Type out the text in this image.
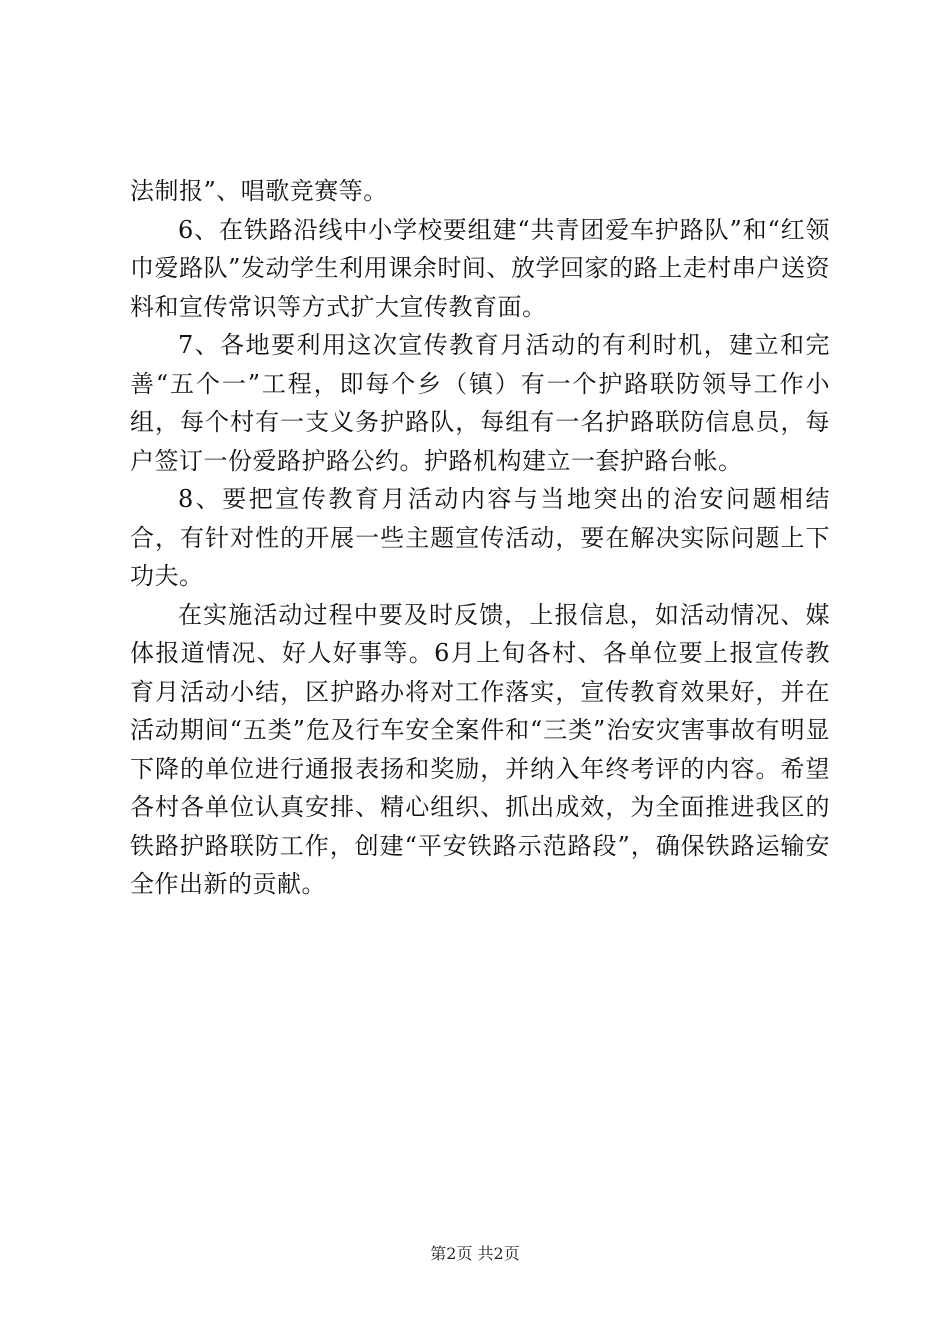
法制报”、唱歌竞赛等。

6、在铁路沿线中小学校要组建“共青团爱车护路队”和“红领巾爱路队”发动学生利用课余时间、放学回家的路上走村串户送资料和宣传常识等方式扩大宣传教育面。

7、各地要利用这次宣传教育月活动的有利时机，建立和完善“五个一”工程，即每个乡（镇）有一个护路联防领导工作小组，每个村有一支义务护路队，每组有一名护路联防信息员，每户签订一份爱路护路公约。护路机构建立一套护路台帐。

8、要把宣传教育月活动内容与当地突出的治安问题相结合，有针对性的开展一些主题宣传活动，要在解决实际问题上下功夫。

在实施活动过程中要及时反馈，上报信息，如活动情况、媒体报道情况、好人好事等。6月上旬各村、各单位要上报宣传教育月活动小结，区护路办将对工作落实，宣传教育效果好，并在活动期间“五类”危及行车安全案件和“三类”治安灾害事故有明显下降的单位进行通报表扬和奖励，并纳入年终考评的内容。希望各村各单位认真安排、精心组织、抓出成效，为全面推进我区的铁路护路联防工作，创建“平安铁路示范路段”，确保铁路运输安全作出新的贡献。

第2页 共2页
